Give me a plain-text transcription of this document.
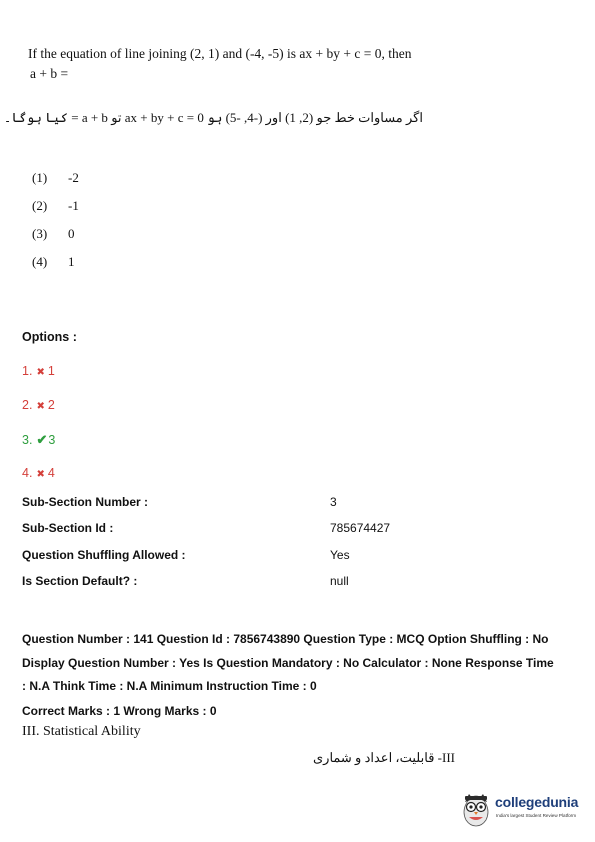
If the equation of line joining (2, 1) and (-4, -5) is ax + by + c = 0, then
a + b =
اگر مساوات خط جو (2, 1) اور (-4, -5) ہو ax + by + c = 0 تو a + b = کیا ہوگا۔
(1) -2
(2) -1
(3) 0
(4) 1
Options :
1. ✖ 1
2. ✖ 2
3. ✔3
4. ✖ 4
Sub-Section Number :	3
Sub-Section Id :	785674427
Question Shuffling Allowed :	Yes
Is Section Default? :	null
Question Number : 141 Question Id : 7856743890 Question Type : MCQ Option Shuffling : No
Display Question Number : Yes Is Question Mandatory : No Calculator : None Response Time
: N.A Think Time : N.A Minimum Instruction Time : 0
Correct Marks : 1 Wrong Marks : 0
III. Statistical Ability
III- قابلیت، اعداد و شماری
collegedunia
India's largest Student Review Platform
